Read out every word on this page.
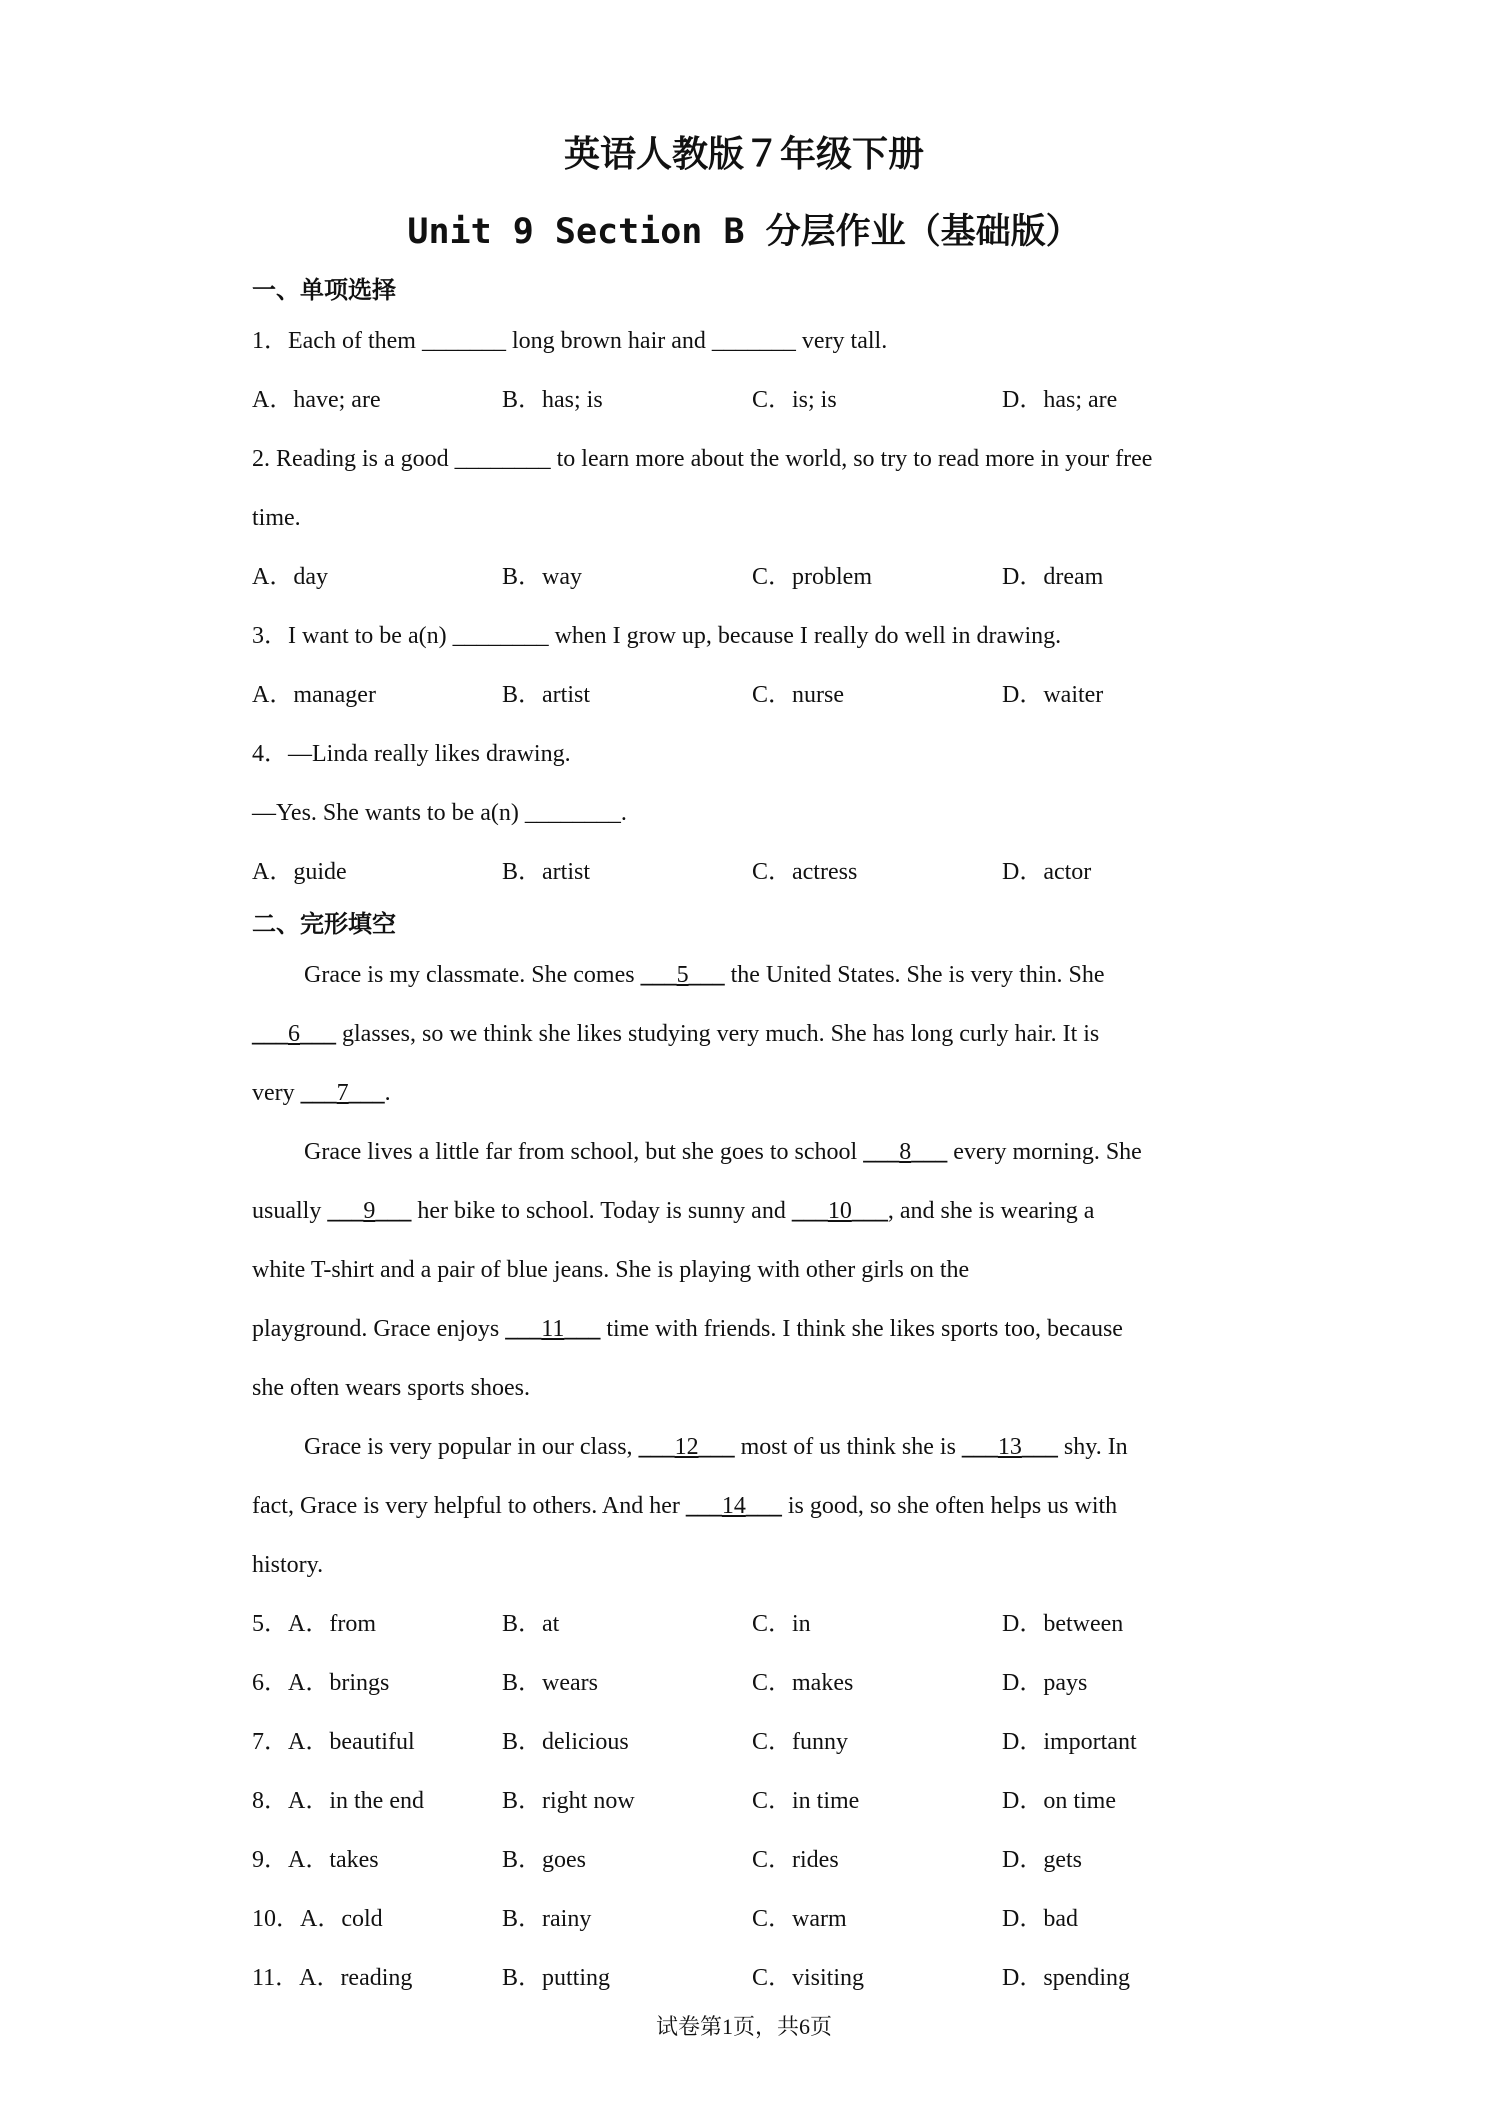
英语人教版７年级下册
Unit 9 Section B 分层作业（基础版）
一、单项选择
1．Each of them _______ long brown hair and _______ very tall.
A．have; are	B．has; is	C．is; is	D．has; are
2. Reading is a good ________ to learn more about the world, so try to read more in your free
time.
A．day	B．way	C．problem	D．dream
3．I want to be a(n) ________ when I grow up, because I really do well in drawing.
A．manager	B．artist	C．nurse	D．waiter
4．—Linda really likes drawing.
—Yes. She wants to be a(n) ________.
A．guide	B．artist	C．actress	D．actor
二、完形填空
Grace is my classmate. She comes ___5___ the United States. She is very thin. She
___6___ glasses, so we think she likes studying very much. She has long curly hair. It is
very ___7___.
Grace lives a little far from school, but she goes to school ___8___ every morning. She
usually ___9___ her bike to school. Today is sunny and ___10___, and she is wearing a
white T-shirt and a pair of blue jeans. She is playing with other girls on the
playground. Grace enjoys ___11___ time with friends. I think she likes sports too, because
she often wears sports shoes.
Grace is very popular in our class, ___12___ most of us think she is ___13___ shy. In
fact, Grace is very helpful to others. And her ___14___ is good, so she often helps us with
history.
5．A．from	B．at	C．in	D．between
6．A．brings	B．wears	C．makes	D．pays
7．A．beautiful	B．delicious	C．funny	D．important
8．A．in the end	B．right now	C．in time	D．on time
9．A．takes	B．goes	C．rides	D．gets
10．A．cold	B．rainy	C．warm	D．bad
11．A．reading	B．putting	C．visiting	D．spending
试卷第1页，共6页
